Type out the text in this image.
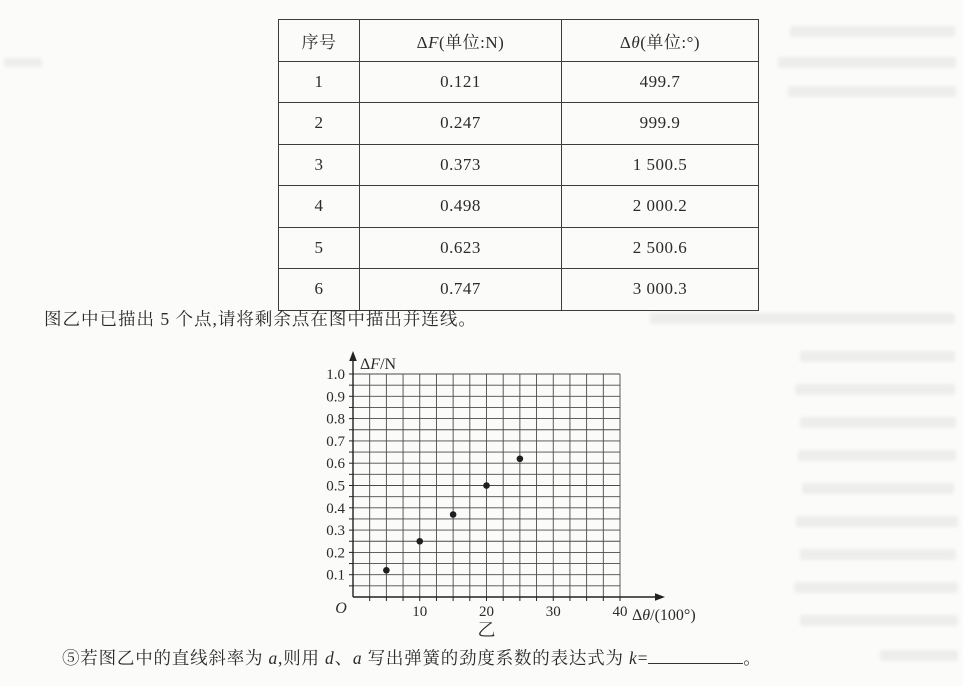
序号	ΔF(单位:N)	Δθ(单位:°)
1	0.121	499.7
2	0.247	999.9
3	0.373	1 500.5
4	0.498	2 000.2
5	0.623	2 500.6
6	0.747	3 000.3
图乙中已描出 5 个点,请将剩余点在图中描出并连线。
0.1
0.2
0.3
0.4
0.5
0.6
0.7
0.8
0.9
1.0
10	20	30	40
ΔF/N
Δθ/(100°)
O
乙
⑤若图乙中的直线斜率为 a,则用 d、a 写出弹簧的劲度系数的表达式为 k=	。
